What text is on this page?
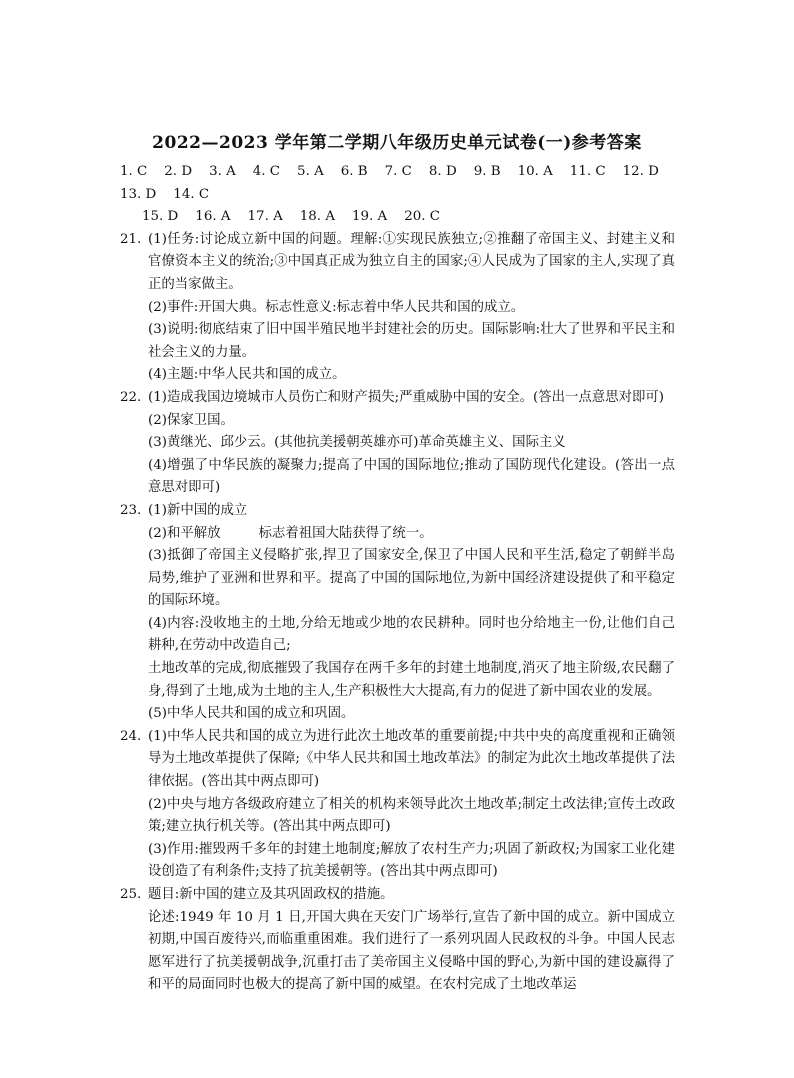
2022—2023 学年第二学期八年级历史单元试卷(一)参考答案
1. C 2. D 3. A 4. C 5. A 6. B 7. C 8. D 9. B 10. A 11. C 12. D
13. D 14. C
15. D 16. A 17. A 18. A 19. A 20. C
21. (1)任务:讨论成立新中国的问题。理解:①实现民族独立;②推翻了帝国主义、封建主义和官僚资本主义的统治;③中国真正成为独立自主的国家;④人民成为了国家的主人,实现了真正的当家做主。
(2)事件:开国大典。标志性意义:标志着中华人民共和国的成立。
(3)说明:彻底结束了旧中国半殖民地半封建社会的历史。国际影响:壮大了世界和平民主和社会主义的力量。
(4)主题:中华人民共和国的成立。
22. (1)造成我国边境城市人员伤亡和财产损失;严重威胁中国的安全。(答出一点意思对即可)
(2)保家卫国。
(3)黄继光、邱少云。(其他抗美援朝英雄亦可)革命英雄主义、国际主义
(4)增强了中华民族的凝聚力;提高了中国的国际地位;推动了国防现代化建设。(答出一点意思对即可)
23. (1)新中国的成立
(2)和平解放	标志着祖国大陆获得了统一。
(3)抵御了帝国主义侵略扩张,捍卫了国家安全,保卫了中国人民和平生活,稳定了朝鲜半岛局势,维护了亚洲和世界和平。提高了中国的国际地位,为新中国经济建设提供了和平稳定的国际环境。
(4)内容:没收地主的土地,分给无地或少地的农民耕种。同时也分给地主一份,让他们自己耕种,在劳动中改造自己;
土地改革的完成,彻底摧毁了我国存在两千多年的封建土地制度,消灭了地主阶级,农民翻了身,得到了土地,成为土地的主人,生产积极性大大提高,有力的促进了新中国农业的发展。
(5)中华人民共和国的成立和巩固。
24. (1)中华人民共和国的成立为进行此次土地改革的重要前提;中共中央的高度重视和正确领导为土地改革提供了保障;《中华人民共和国土地改革法》的制定为此次土地改革提供了法律依据。(答出其中两点即可)
(2)中央与地方各级政府建立了相关的机构来领导此次土地改革;制定土改法律;宣传土改政策;建立执行机关等。(答出其中两点即可)
(3)作用:摧毁两千多年的封建土地制度;解放了农村生产力;巩固了新政权;为国家工业化建设创造了有利条件;支持了抗美援朝等。(答出其中两点即可)
25. 题目:新中国的建立及其巩固政权的措施。
论述:1949 年 10 月 1 日,开国大典在天安门广场举行,宣告了新中国的成立。新中国成立初期,中国百废待兴,而临重重困难。我们进行了一系列巩固人民政权的斗争。中国人民志愿军进行了抗美援朝战争,沉重打击了美帝国主义侵略中国的野心,为新中国的建设赢得了和平的局面同时也极大的提高了新中国的威望。在农村完成了土地改革运
